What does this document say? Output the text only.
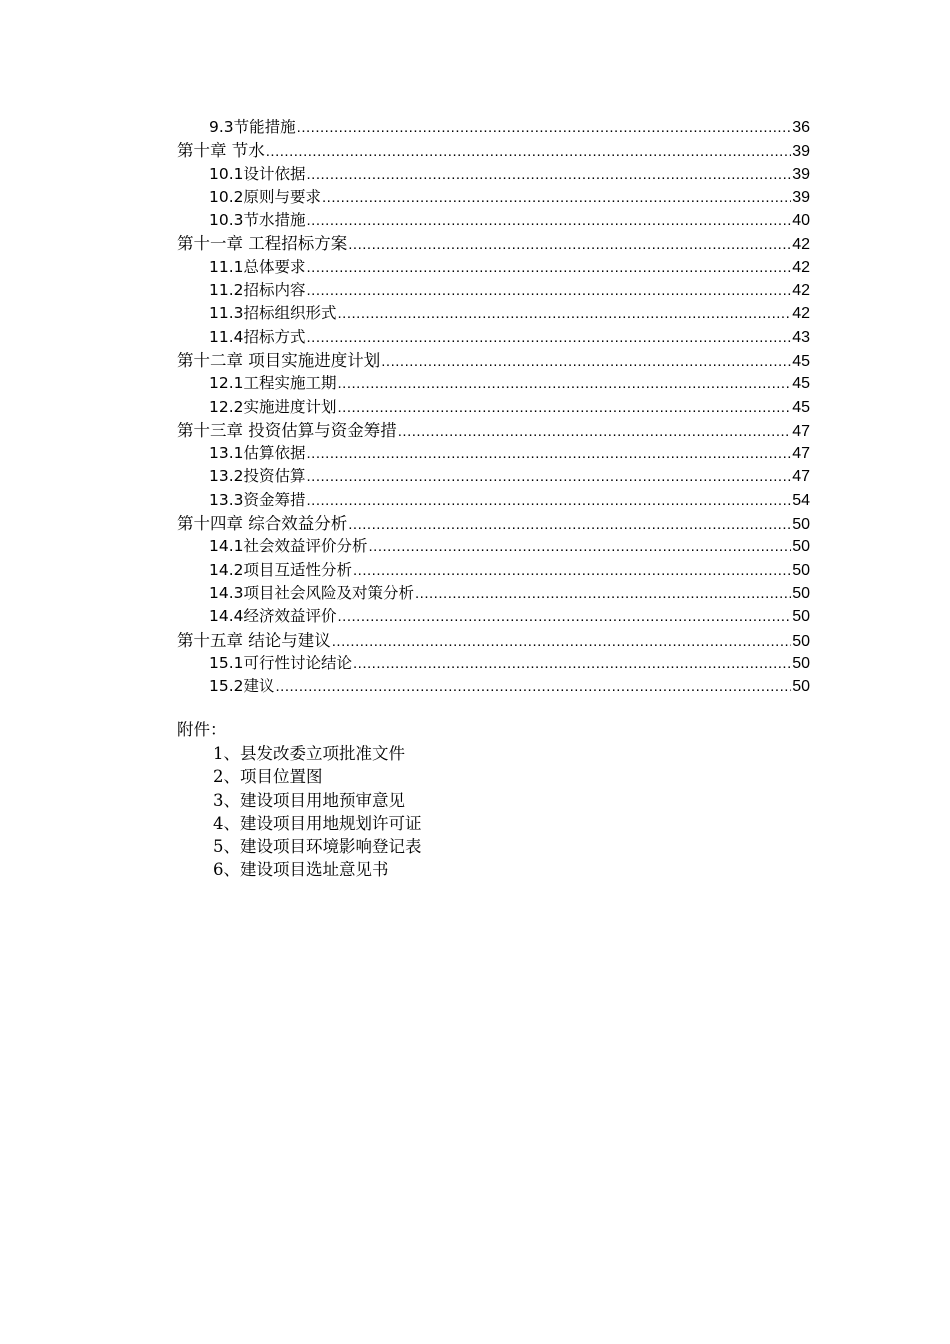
9.3节能措施 .....	36
第十章 节水 .....	39
10.1设计依据 .....	39
10.2原则与要求 .....	39
10.3节水措施 .....	40
第十一章 工程招标方案 .....	42
11.1总体要求 .....	42
11.2招标内容 .....	42
11.3招标组织形式 .....	42
11.4招标方式 .....	43
第十二章 项目实施进度计划 .....	45
12.1工程实施工期 .....	45
12.2实施进度计划 .....	45
第十三章 投资估算与资金筹措 .....	47
13.1估算依据 .....	47
13.2投资估算 .....	47
13.3资金筹措 .....	54
第十四章 综合效益分析 .....	50
14.1社会效益评价分析 .....	50
14.2项目互适性分析 .....	50
14.3项目社会风险及对策分析 .....	50
14.4经济效益评价 .....	50
第十五章 结论与建议 .....	50
15.1可行性讨论结论 .....	50
15.2建议 .....	50
附件：
1、县发改委立项批准文件
2、项目位置图
3、建设项目用地预审意见
4、建设项目用地规划许可证
5、建设项目环境影响登记表
6、建设项目选址意见书
